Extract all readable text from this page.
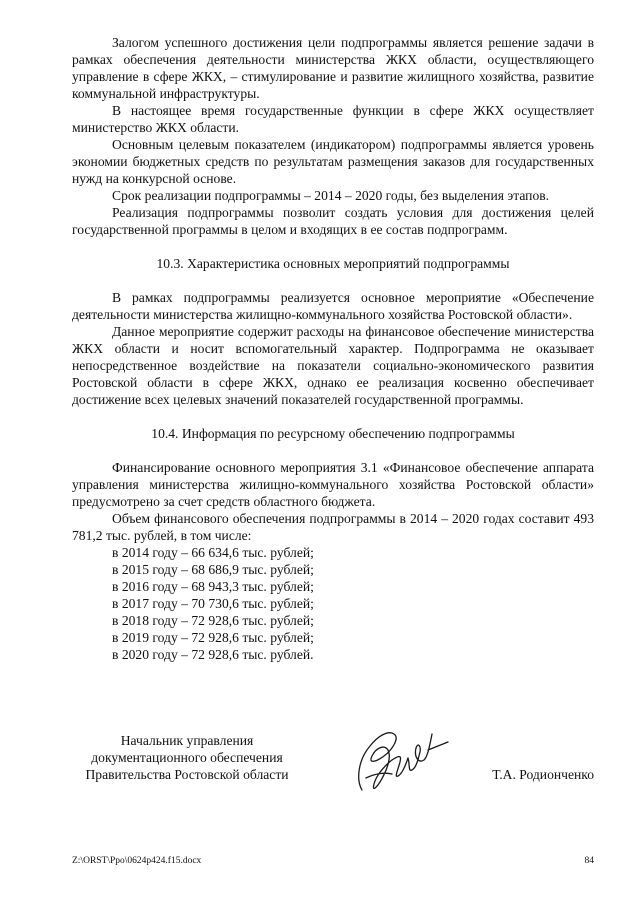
Залогом успешного достижения цели подпрограммы является решение задачи в рамках обеспечения деятельности министерства ЖКХ области, осуществляющего управление в сфере ЖКХ, – стимулирование и развитие жилищного хозяйства, развитие коммунальной инфраструктуры.

В настоящее время государственные функции в сфере ЖКХ осуществляет министерство ЖКХ области.

Основным целевым показателем (индикатором) подпрограммы является уровень экономии бюджетных средств по результатам размещения заказов для государственных нужд на конкурсной основе.

Срок реализации подпрограммы – 2014 – 2020 годы, без выделения этапов.

Реализация подпрограммы позволит создать условия для достижения целей государственной программы в целом и входящих в ее состав подпрограмм.

10.3. Характеристика основных мероприятий подпрограммы

В рамках подпрограммы реализуется основное мероприятие «Обеспечение деятельности министерства жилищно-коммунального хозяйства Ростовской области».

Данное мероприятие содержит расходы на финансовое обеспечение министерства ЖКХ области и носит вспомогательный характер. Подпрограмма не оказывает непосредственное воздействие на показатели социально-экономического развития Ростовской области в сфере ЖКХ, однако ее реализация косвенно обеспечивает достижение всех целевых значений показателей государственной программы.

10.4. Информация по ресурсному обеспечению подпрограммы

Финансирование основного мероприятия 3.1 «Финансовое обеспечение аппарата управления министерства жилищно-коммунального хозяйства Ростовской области» предусмотрено за счет средств областного бюджета.

Объем финансового обеспечения подпрограммы в 2014 – 2020 годах составит 493 781,2 тыс. рублей, в том числе:

в 2014 году – 66 634,6 тыс. рублей;
в 2015 году – 68 686,9 тыс. рублей;
в 2016 году – 68 943,3 тыс. рублей;
в 2017 году – 70 730,6 тыс. рублей;
в 2018 году – 72 928,6 тыс. рублей;
в 2019 году – 72 928,6 тыс. рублей;
в 2020 году – 72 928,6 тыс. рублей.
Начальник управления
документационного обеспечения
Правительства Ростовской области	Т.А. Родионченко
Z:\ORST\Ppo\0624p424.f15.docx	84
